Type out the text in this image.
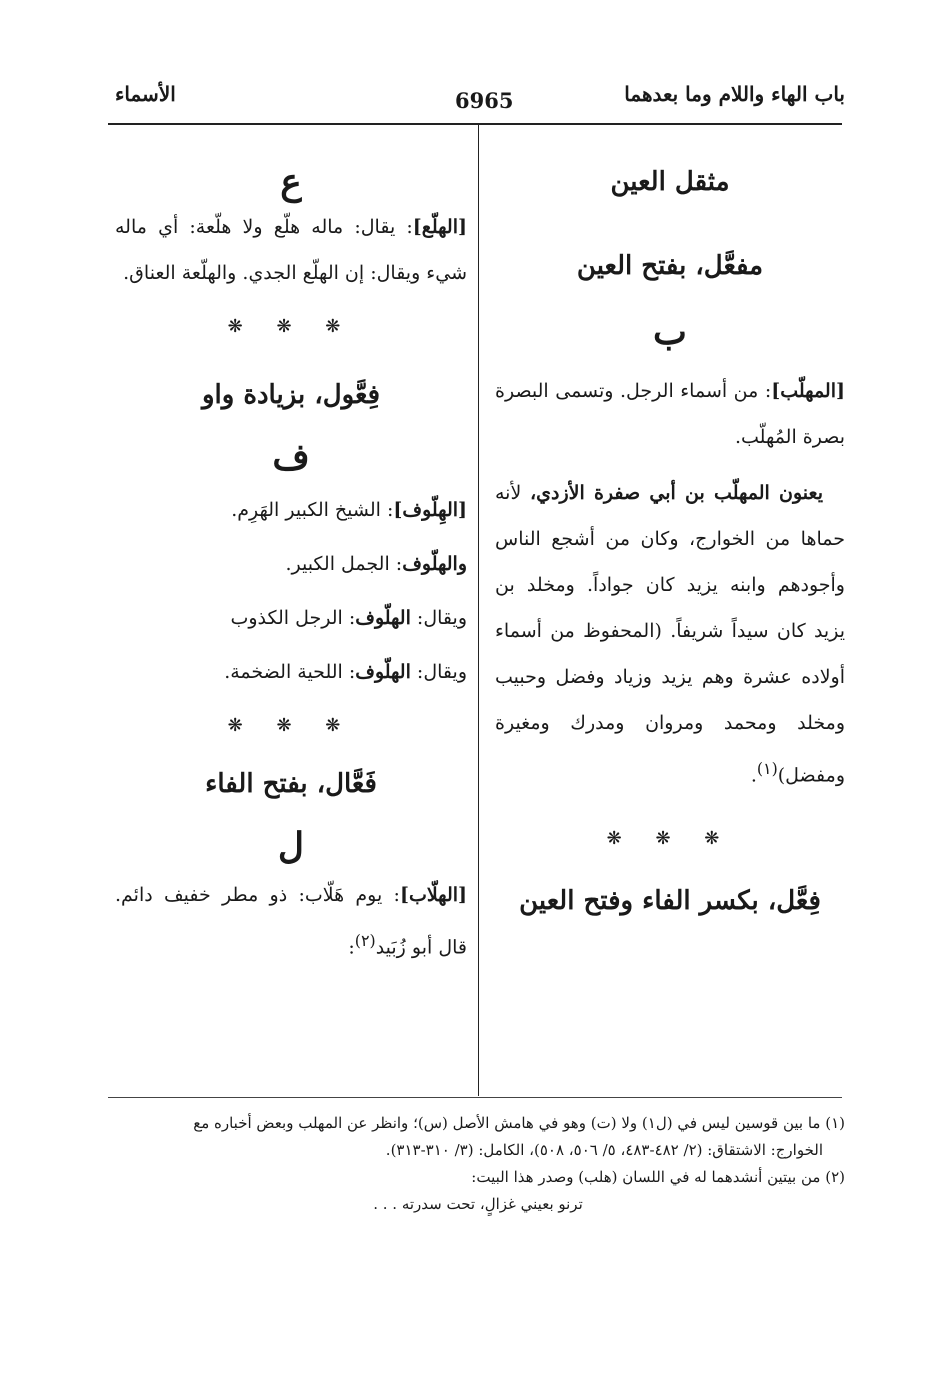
باب الهاء واللام وما بعدهما
6965
الأسماء

مثقل العين

مفعَّل، بفتح العين

ب

[المهلّب]: من أسماء الرجل. وتسمى البصرة بصرة المُهلّب.

يعنون المهلّب بن أبي صفرة الأزدي، لأنه حماها من الخوارج، وكان من أشجع الناس وأجودهم وابنه يزيد كان جواداً. ومخلد بن يزيد كان سيداً شريفاً. (المحفوظ من أسماء أولاده عشرة وهم يزيد وزياد وفضل وحبيب ومخلد ومحمد ومروان ومدرك ومغيرة ومفضل)$^{(١)}$.

❋ ❋ ❋

فِعَّل، بكسر الفاء وفتح العين

ع

[الهلّع]: يقال: ماله هلّع ولا هلّعة: أي ماله شيء ويقال: إن الهلّع الجدي. والهلّعة العناق.

❋ ❋ ❋

فِعَّول، بزيادة واو

ف

[الهِلّوف]: الشيخ الكبير الهَرِم.

والهلّوف: الجمل الكبير.

ويقال: الهلّوف: الرجل الكذوب

ويقال: الهلّوف: اللحية الضخمة.

❋ ❋ ❋

فَعَّال، بفتح الفاء

ل

[الهلّاب]: يوم هَلّاب: ذو مطر خفيف دائم. قال أبو زُبَيد$^{(٢)}$:

(١) ما بين قوسين ليس في (ل١) ولا (ت) وهو في هامش الأصل (س)؛ وانظر عن المهلب وبعض أخباره مع
الخوارج: الاشتقاق: (٢/ ٤٨٢-٤٨٣، ٥/ ٥٠٦، ٥٠٨)، الكامل: (٣/ ٣١٠-٣١٣).
(٢) من بيتين أنشدهما له في اللسان (هلب) وصدر هذا البيت:
ترنو بعيني غزالٍ، تحت سدرته . . .
